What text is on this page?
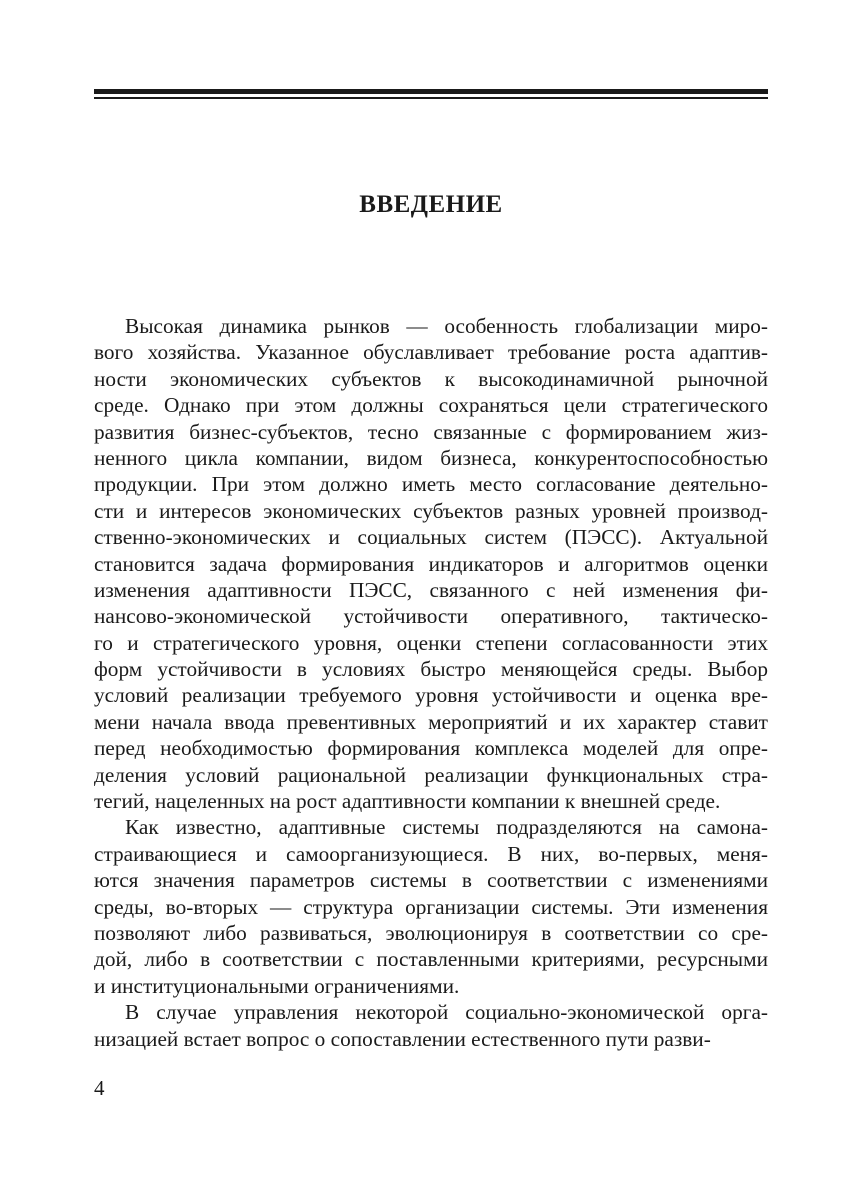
ВВЕДЕНИЕ
Высокая динамика рынков — особенность глобализации миро-
вого хозяйства. Указанное обуславливает требование роста адаптив-
ности экономических субъектов к высокодинамичной рыночной
среде. Однако при этом должны сохраняться цели стратегического
развития бизнес-субъектов, тесно связанные с формированием жиз-
ненного цикла компании, видом бизнеса, конкурентоспособностью
продукции. При этом должно иметь место согласование деятельно-
сти и интересов экономических субъектов разных уровней производ-
ственно-экономических и социальных систем (ПЭСС). Актуальной
становится задача формирования индикаторов и алгоритмов оценки
изменения адаптивности ПЭСС, связанного с ней изменения фи-
нансово-экономической устойчивости оперативного, тактическо-
го и стратегического уровня, оценки степени согласованности этих
форм устойчивости в условиях быстро меняющейся среды. Выбор
условий реализации требуемого уровня устойчивости и оценка вре-
мени начала ввода превентивных мероприятий и их характер ставит
перед необходимостью формирования комплекса моделей для опре-
деления условий рациональной реализации функциональных стра-
тегий, нацеленных на рост адаптивности компании к внешней среде.
Как известно, адаптивные системы подразделяются на самона-
страивающиеся и самоорганизующиеся. В них, во-первых, меня-
ются значения параметров системы в соответствии с изменениями
среды, во-вторых — структура организации системы. Эти изменения
позволяют либо развиваться, эволюционируя в соответствии со сре-
дой, либо в соответствии с поставленными критериями, ресурсными
и институциональными ограничениями.
В случае управления некоторой социально-экономической орга-
низацией встает вопрос о сопоставлении естественного пути разви-
4
